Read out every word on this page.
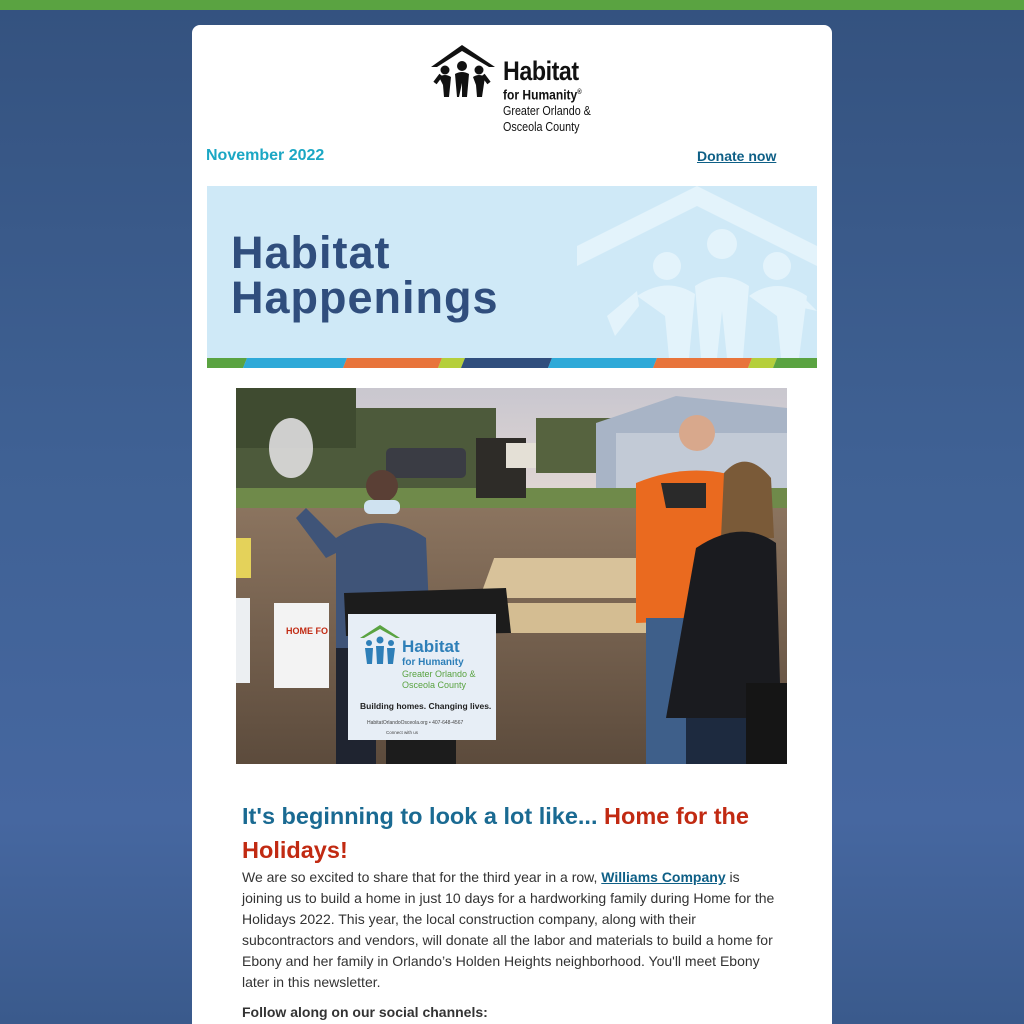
Habitat
for Humanity®
Greater Orlando &
Osceola County
November 2022	Donate now
Habitat
Happenings
HOME FO
Habitat
for Humanity
Greater Orlando &
Osceola County
Building homes. Changing lives.
HabitatOrlandoOsceola.org • 407-648-4567
Connect with us
It's beginning to look a lot like... Home for the Holidays!
We are so excited to share that for the third year in a row, Williams Company is joining us to build a home in just 10 days for a hardworking family during Home for the Holidays 2022. This year, the local construction company, along with their subcontractors and vendors, will donate all the labor and materials to build a home for Ebony and her family in Orlando’s Holden Heights neighborhood. You'll meet Ebony later in this newsletter.
Follow along on our social channels:
